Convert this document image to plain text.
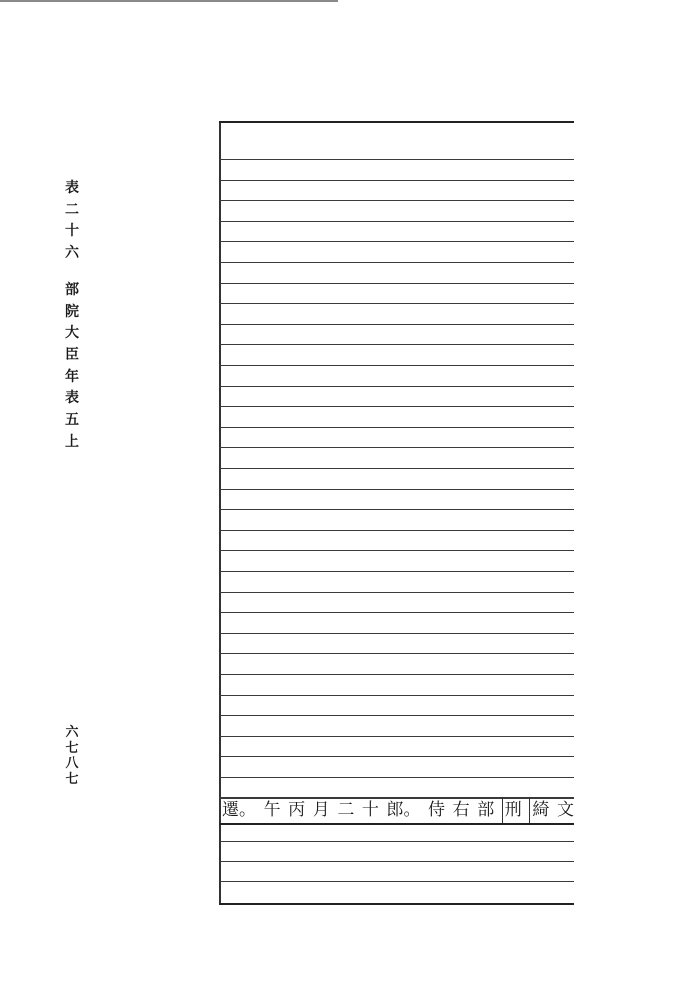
表
二
十
六
部
院
大
臣
年
表
五
上
六
七
八
七
文
綺
刑
部
右
侍
郎。
十
二
月
丙
午
遷。
